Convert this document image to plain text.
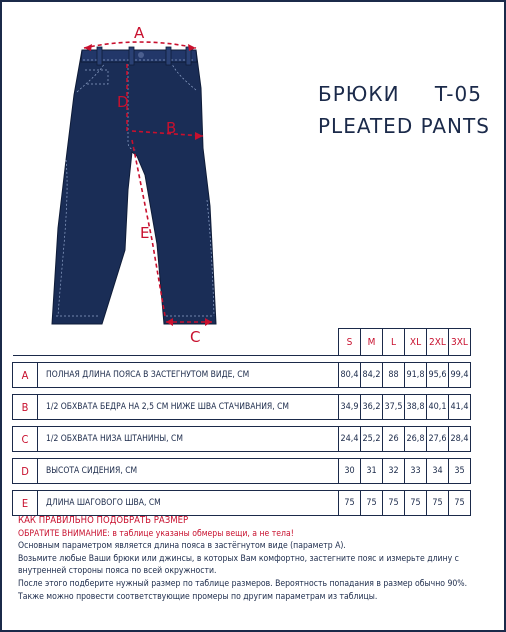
A
B
C
D
E
БРЮКИ T-05
PLEATED PANTS
		S	M	L	XL	2XL	3XL

A	ПОЛНАЯ ДЛИНА ПОЯСА В ЗАСТЕГНУТОМ ВИДЕ, СМ	80,4	84,2	88	91,8	95,6	99,4

B	1/2 ОБХВАТА БЕДРА НА 2,5 СМ НИЖЕ ШВА СТАЧИВАНИЯ, СМ	34,9	36,2	37,5	38,8	40,1	41,4

C	1/2 ОБХВАТА НИЗА ШТАНИНЫ, СМ	24,4	25,2	26	26,8	27,6	28,4

D	ВЫСОТА СИДЕНИЯ, СМ	30	31	32	33	34	35

E	ДЛИНА ШАГОВОГО ШВА, СМ	75	75	75	75	75	75

КАК ПРАВИЛЬНО ПОДОБРАТЬ РАЗМЕР

ОБРАТИТЕ ВНИМАНИЕ: в таблице указаны обмеры вещи, а не тела!

Основным параметром является длина пояса в застёгнутом виде (параметр А).

Возьмите любые Ваши брюки или джинсы, в которых Вам комфортно, застегните пояс и измерьте длину с внутренней стороны пояса по всей окружности.

После этого подберите нужный размер по таблице размеров. Вероятность попадания в размер обычно 90%.

Также можно провести соответствующие промеры по другим параметрам из таблицы.
